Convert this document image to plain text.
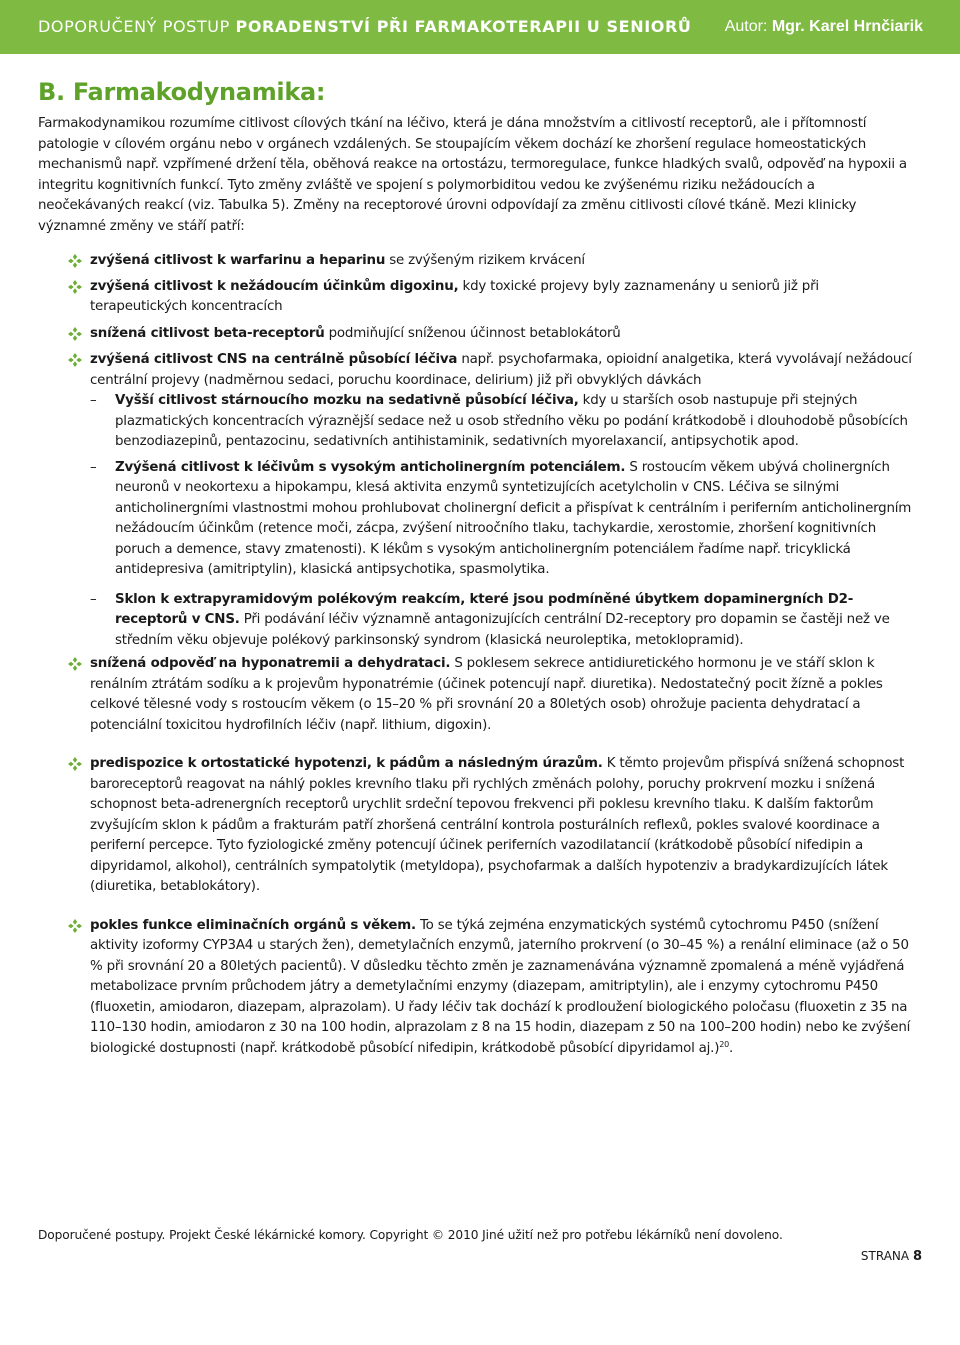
DOPORUČENÝ POSTUP PORADENSTVÍ PŘI FARMAKOTERAPII U SENIORŮ Autor: Mgr. Karel Hrnčiarik
B. Farmakodynamika:

Farmakodynamikou rozumíme citlivost cílových tkání na léčivo, která je dána množstvím a citlivostí receptorů, ale i přítomností patologie v cílovém orgánu nebo v orgánech vzdálených. Se stoupajícím věkem dochází ke zhoršení regulace homeostatických mechanismů např. vzpřímené držení těla, oběhová reakce na ortostázu, termoregulace, funkce hladkých svalů, odpověď na hypoxii a integritu kognitivních funkcí. Tyto změny zvláště ve spojení s polymorbiditou vedou ke zvýšenému riziku nežádoucích a neočekávaných reakcí (viz. Tabulka 5). Změny na receptorové úrovni odpovídají za změnu citlivosti cílové tkáně. Mezi klinicky významné změny ve stáří patří:

zvýšená citlivost k warfarinu a heparinu se zvýšeným rizikem krvácení
zvýšená citlivost k nežádoucím účinkům digoxinu, kdy toxické projevy byly zaznamenány u seniorů již při terapeutických koncentracích
snížená citlivost beta-receptorů podmiňující sníženou účinnost betablokátorů
zvýšená citlivost CNS na centrálně působící léčiva např. psychofarmaka, opioidní analgetika, která vyvolávají nežádoucí centrální projevy (nadměrnou sedaci, poruchu koordinace, delirium) již při obvyklých dávkách
– Vyšší citlivost stárnoucího mozku na sedativně působící léčiva, kdy u starších osob nastupuje při stejných plazmatických koncentracích výraznější sedace než u osob středního věku po podání krátkodobě i dlouhodobě působících benzodiazepinů, pentazocinu, sedativních antihistaminik, sedativních myorelaxancií, antipsychotik apod.
– Zvýšená citlivost k léčivům s vysokým anticholinergním potenciálem. S rostoucím věkem ubývá cholinergních neuronů v neokortexu a hipokampu, klesá aktivita enzymů syntetizujících acetylcholin v CNS. Léčiva se silnými anticholinergními vlastnostmi mohou prohlubovat cholinergní deficit a přispívat k centrálním i periferním anticholinergním nežádoucím účinkům (retence moči, zácpa, zvýšení nitroočního tlaku, tachykardie, xerostomie, zhoršení kognitivních poruch a demence, stavy zmatenosti). K lékům s vysokým anticholinergním potenciálem řadíme např. tricyklická antidepresiva (amitriptylin), klasická antipsychotika, spasmolytika.
– Sklon k extrapyramidovým polékovým reakcím, které jsou podmíněné úbytkem dopaminergních D2-receptorů v CNS. Při podávání léčiv významně antagonizujících centrální D2-receptory pro dopamin se častěji než ve středním věku objevuje polékový parkinsonský syndrom (klasická neuroleptika, metoklopramid).
snížená odpověď na hyponatremii a dehydrataci. S poklesem sekrece antidiuretického hormonu je ve stáří sklon k renálním ztrátám sodíku a k projevům hyponatrémie (účinek potencují např. diuretika). Nedostatečný pocit žízně a pokles celkové tělesné vody s rostoucím věkem (o 15–20 % při srovnání 20 a 80letých osob) ohrožuje pacienta dehydratací a potenciální toxicitou hydrofilních léčiv (např. lithium, digoxin).
predispozice k ortostatické hypotenzi, k pádům a následným úrazům. K těmto projevům přispívá snížená schopnost baroreceptorů reagovat na náhlý pokles krevního tlaku při rychlých změnách polohy, poruchy prokrvení mozku i snížená schopnost beta-adrenergních receptorů urychlit srdeční tepovou frekvenci při poklesu krevního tlaku. K dalším faktorům zvyšujícím sklon k pádům a frakturám patří zhoršená centrální kontrola posturálních reflexů, pokles svalové koordinace a periferní percepce. Tyto fyziologické změny potencují účinek periferních vazodilatancií (krátkodobě působící nifedipin a dipyridamol, alkohol), centrálních sympatolytik (metyldopa), psychofarmak a dalších hypotenziv a bradykardizujících látek (diuretika, betablokátory).
pokles funkce eliminačních orgánů s věkem. To se týká zejména enzymatických systémů cytochromu P450 (snížení aktivity izoformy CYP3A4 u starých žen), demetylačních enzymů, jaterního prokrvení (o 30–45 %) a renální eliminace (až o 50 % při srovnání 20 a 80letých pacientů). V důsledku těchto změn je zaznamenávána významně zpomalená a méně vyjádřená metabolizace prvním průchodem játry a demetylačními enzymy (diazepam, amitriptylin), ale i enzymy cytochromu P450 (fluoxetin, amiodaron, diazepam, alprazolam). U řady léčiv tak dochází k prodloužení biologického poločasu (fluoxetin z 35 na 110–130 hodin, amiodaron z 30 na 100 hodin, alprazolam z 8 na 15 hodin, diazepam z 50 na 100–200 hodin) nebo ke zvýšení biologické dostupnosti (např. krátkodobě působící nifedipin, krátkodobě působící dipyridamol aj.)$^{20}$.
Doporučené postupy. Projekt České lékárnické komory. Copyright © 2010 Jiné užití než pro potřebu lékárníků není dovoleno.
STRANA 8
